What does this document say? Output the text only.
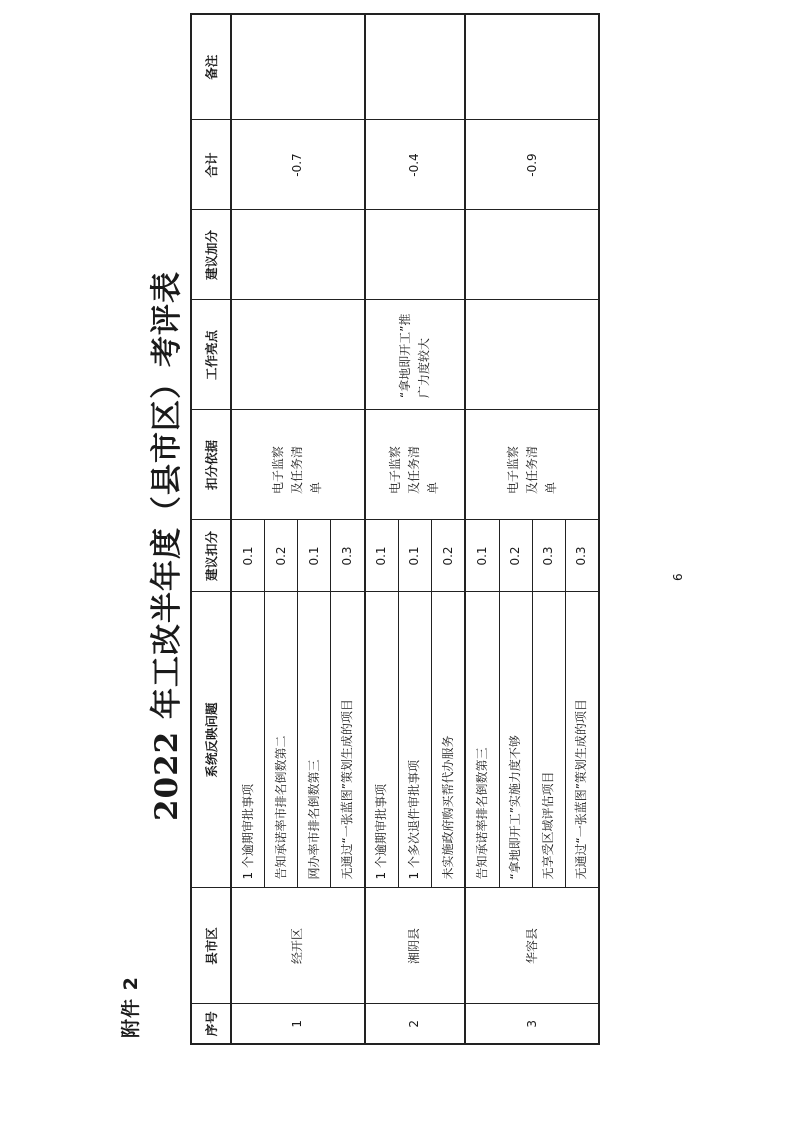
附件 2
2022 年工改半年度（县市区）考评表
序号	县市区	系统反映问题	建议扣分	扣分依据	工作亮点	建议加分	合计	备注
1	经开区	1 个逾期审批事项	0.1	电子监察及任务清单			-0.7	
		告知承诺率市排名倒数第二	0.2					
		网办率市排名倒数第三	0.1					
		无通过“一张蓝图”策划生成的项目	0.3					
2	湘阴县	1 个逾期审批事项	0.1	电子监察及任务清单	“拿地即开工”推广力度较大		-0.4	
		1 个多次退件审批事项	0.1					
		未实施政府购买帮代办服务	0.2					
3	华容县	告知承诺率排名倒数第三	0.1	电子监察及任务清单			-0.9	
		“拿地即开工”实施力度不够	0.2					
		无享受区域评估项目	0.3					
		无通过“一张蓝图”策划生成的项目	0.3					
6
